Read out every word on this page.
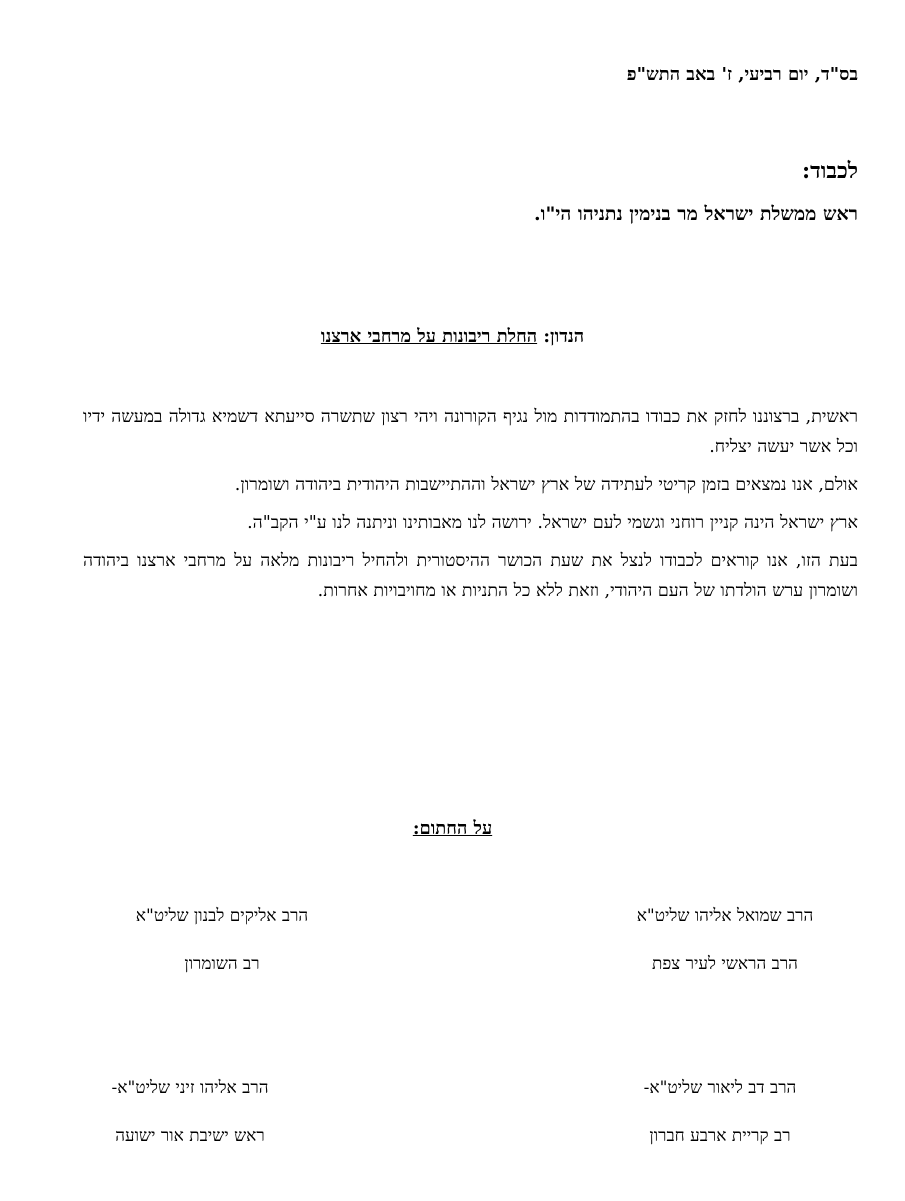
בס"ד, יום רביעי, ז' באב התש"פ
לכבוד:
ראש ממשלת ישראל מר בנימין נתניהו הי"ו.
הנדון: החלת ריבונות על מרחבי ארצנו

ראשית, ברצוננו לחזק את כבודו בהתמודדות מול נגיף הקורונה ויהי רצון שתשרה סייעתא דשמיא גדולה במעשה ידיו וכל אשר יעשה יצליח.

אולם, אנו נמצאים בזמן קריטי לעתידה של ארץ ישראל וההתיישבות היהודית ביהודה ושומרון.

ארץ ישראל הינה קניין רוחני וגשמי לעם ישראל. ירושה לנו מאבותינו וניתנה לנו ע"י הקב"ה.

בעת הזו, אנו קוראים לכבודו לנצל את שעת הכושר ההיסטורית ולהחיל ריבונות מלאה על מרחבי ארצנו ביהודה ושומרון ערש הולדתו של העם היהודי, וזאת ללא כל התניות או מחויבויות אחרות.

על החתום:
הרב שמואל אליהו שליט"א
הרב הראשי לעיר צפת
הרב אליקים לבנון שליט"א
רב השומרון
הרב דב ליאור שליט"א-
רב קריית ארבע חברון
הרב אליהו זיני שליט"א-
ראש ישיבת אור ישועה
